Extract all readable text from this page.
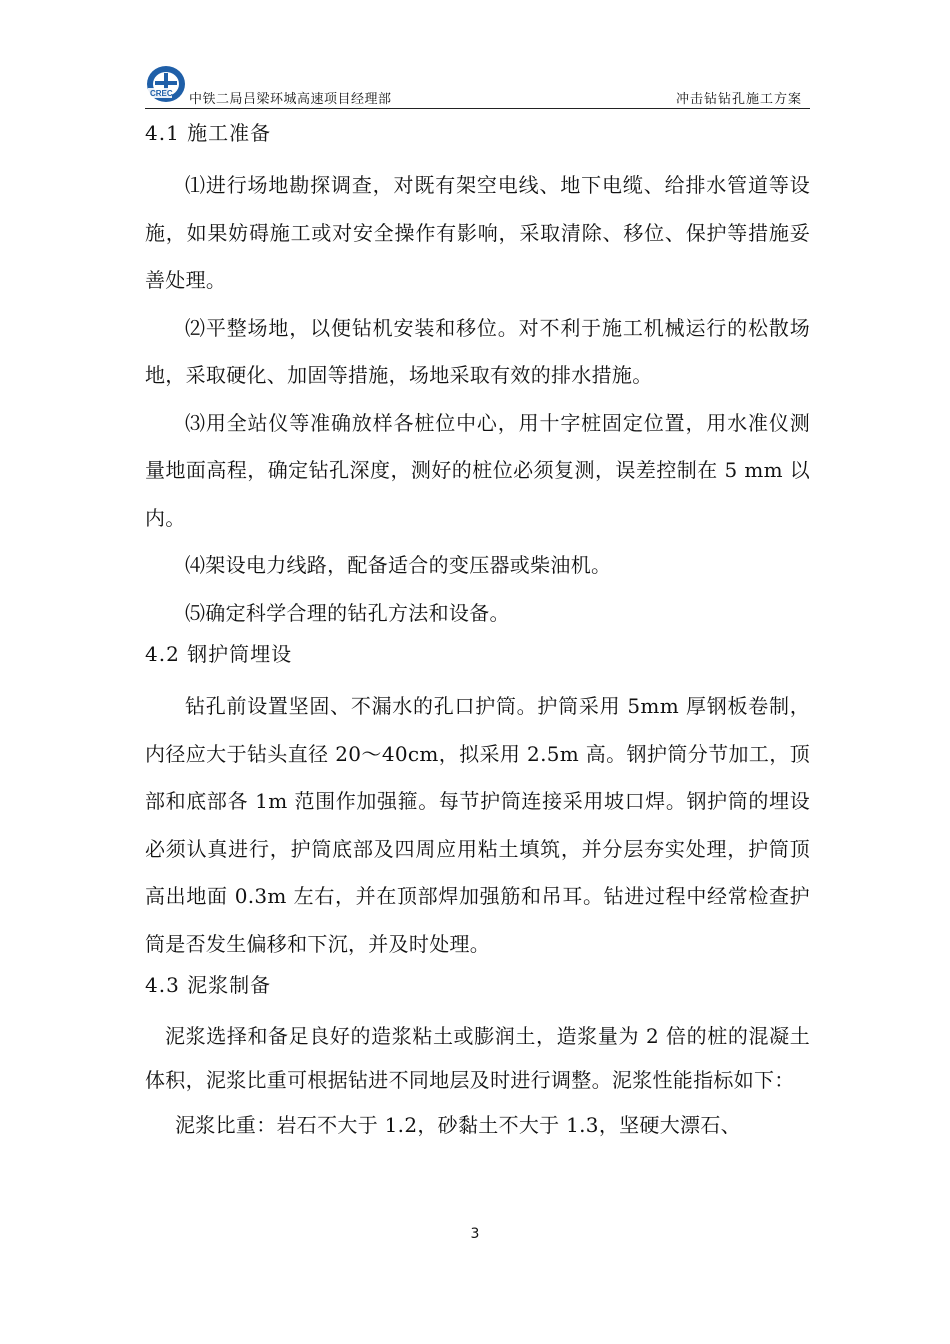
CREC 中铁二局吕梁环城高速项目经理部	冲击钻钻孔施工方案
4.1 施工准备

⑴进行场地勘探调查，对既有架空电线、地下电缆、给排水管道等设施，如果妨碍施工或对安全操作有影响，采取清除、移位、保护等措施妥善处理。

⑵平整场地，以便钻机安装和移位。对不利于施工机械运行的松散场地，采取硬化、加固等措施，场地采取有效的排水措施。

⑶用全站仪等准确放样各桩位中心，用十字桩固定位置，用水准仪测量地面高程，确定钻孔深度，测好的桩位必须复测，误差控制在 5 mm 以内。

⑷架设电力线路，配备适合的变压器或柴油机。

⑸确定科学合理的钻孔方法和设备。

4.2 钢护筒埋设

钻孔前设置坚固、不漏水的孔口护筒。护筒采用 5mm 厚钢板卷制，内径应大于钻头直径 20～40cm，拟采用 2.5m 高。钢护筒分节加工，顶部和底部各 1m 范围作加强箍。每节护筒连接采用坡口焊。钢护筒的埋设必须认真进行，护筒底部及四周应用粘土填筑，并分层夯实处理，护筒顶高出地面 0.3m 左右，并在顶部焊加强筋和吊耳。钻进过程中经常检查护筒是否发生偏移和下沉，并及时处理。

4.3 泥浆制备

泥浆选择和备足良好的造浆粘土或膨润土，造浆量为 2 倍的桩的混凝土体积，泥浆比重可根据钻进不同地层及时进行调整。泥浆性能指标如下：

泥浆比重：岩石不大于 1.2，砂黏土不大于 1.3，坚硬大漂石、

3
